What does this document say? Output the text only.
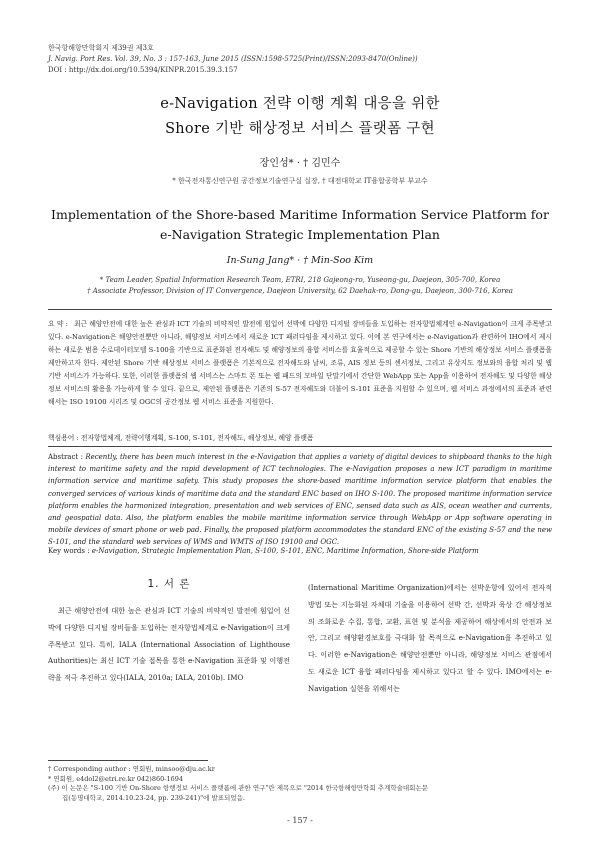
한국항해항만학회지 제39권 제3호
J. Navig. Port Res. Vol. 39, No. 3 : 157-163, June 2015 (ISSN:1598-5725(Print)/ISSN:2093-8470(Online))
DOI : http://dx.doi.org/10.5394/KINPR.2015.39.3.157
e-Navigation 전략 이행 계획 대응을 위한
Shore 기반 해상정보 서비스 플랫폼 구현
장인성* · † 김민수
* 한국전자통신연구원 공간정보기술연구실 실장, † 대전대학교 IT융합공학부 부교수
Implementation of the Shore-based Maritime Information Service Platform for
e-Navigation Strategic Implementation Plan
In-Sung Jang* · † Min-Soo Kim
* Team Leader, Spatial Information Research Team, ETRI, 218 Gajeong-ro, Yuseong-gu, Daejeon, 305-700, Korea
† Associate Professor, Division of IT Convergence, Daejeon University, 62 Daehak-ro, Dong-gu, Daejeon, 300-716, Korea
요 약 : 최근 해양안전에 대한 높은 관심과 ICT 기술의 비약적인 발전에 힘입어 선박에 다양한 디지털 장비들을 도입하는 전자항법체계인 e-Navigation이 크게 주목받고 있다. e-Navigation은 해양안전뿐만 아니라, 해양정보 서비스에서 새로운 ICT 패러다임을 제시하고 있다. 이에 본 연구에서는 e-Navigation과 관련하여 IHO에서 제시하는 새로운 범용 수로데이터모델 S-100을 기반으로 표준화된 전자해도 및 해양정보의 융합 서비스를 효율적으로 제공할 수 있는 Shore 기반의 해상정보 서비스 플랫폼을 제안하고자 한다. 제안된 Shore 기반 해상정보 서비스 플랫폼은 기본적으로 전자해도와 날씨, 조류, AIS 정보 등의 센서정보, 그리고 유상지도 정보와의 융합 처리 및 웹 기반 서비스가 가능하다. 또한, 이러한 플랫폼의 웹 서비스는 스마트 폰 또는 웹 패드의 모바일 단말기에서 간단한 WebApp 또는 App을 이용하여 전자해도 및 다양한 해상정보 서비스의 활용을 가능하게 할 수 있다. 끝으로, 제안된 플랫폼은 기존의 S-57 전자해도와 더불어 S-101 표준을 지원할 수 있으며, 웹 서비스 과정에서의 표준과 관련해서는 ISO 19100 시리즈 및 OGC의 공간정보 웹 서비스 표준을 지원한다.
핵심용어 : 전자항법체계, 전략이행계획, S-100, S-101, 전자해도, 해상정보, 해양 플랫폼
Abstract : Recently, there has been much interest in the e-Navigation that applies a variety of digital devices to shipboard thanks to the high interest to maritime safety and the rapid development of ICT technologies. The e-Navigation proposes a new ICT paradigm in maritime information service and maritime safety. This study proposes the shore-based maritime information service platform that enables the converged services of various kinds of maritime data and the standard ENC based on IHO S-100. The proposed maritime information service platform enables the harmonized integration, presentation and web services of ENC, sensed data such as AIS, ocean weather and currents, and geospatial data. Also, the platform enables the mobile maritime information service through WebApp or App software operating in mobile devices of smart phone or web pad. Finally, the proposed platform accommodates the standard ENC of the existing S-57 and the new S-101, and the standard web services of WMS and WMTS of ISO 19100 and OGC.
Key words : e-Navigation, Strategic Implementation Plan, S-100, S-101, ENC, Maritime Information, Shore-side Platform
1. 서 론

최근 해양안전에 대한 높은 관심과 ICT 기술의 비약적인 발전에 힘입어 선박에 다양한 디지털 장비들을 도입하는 전자항법체계로 e-Navigation이 크게 주목받고 있다. 특히, IALA (International Association of Lighthouse Authorities)는 최신 ICT 기술 접목을 통한 e-Navigation 표준화 및 이행전략을 적극 추진하고 있다(IALA, 2010a; IALA, 2010b). IMO

(International Maritime Organization)에서는 선박운항에 있어서 전자적 방법 또는 지능화된 자체대 기술을 이용하여 선박 간, 선박과 육상 간 해상정보의 조화로운 수집, 통합, 교환, 표현 및 분석을 제공하여 해상에서의 안전과 보안, 그리고 해양환경보호를 극대화 할 목적으로 e-Navigation을 추진하고 있다. 이러한 e-Navigation은 해양안전뿐만 아니라, 해양정보 서비스 관점에서도 새로운 ICT 융합 패러다임을 제시하고 있다고 할 수 있다. IMO에서는 e-Navigation 실현을 위해서는

† Corresponding author : 연회원, minsoo@dju.ac.kr
* 연회원, e4dol2@etri.re.kr 042)860-1694
(주) 이 논문은 "S-100 기반 On-Shore 항행정보 서비스 플랫폼에 관한 연구"란 제목으로 "2014 한국항해항만학회 추계학술대회논문
집(동명대학교, 2014.10.23-24, pp. 239-241)"에 발표되었음.
- 157 -
